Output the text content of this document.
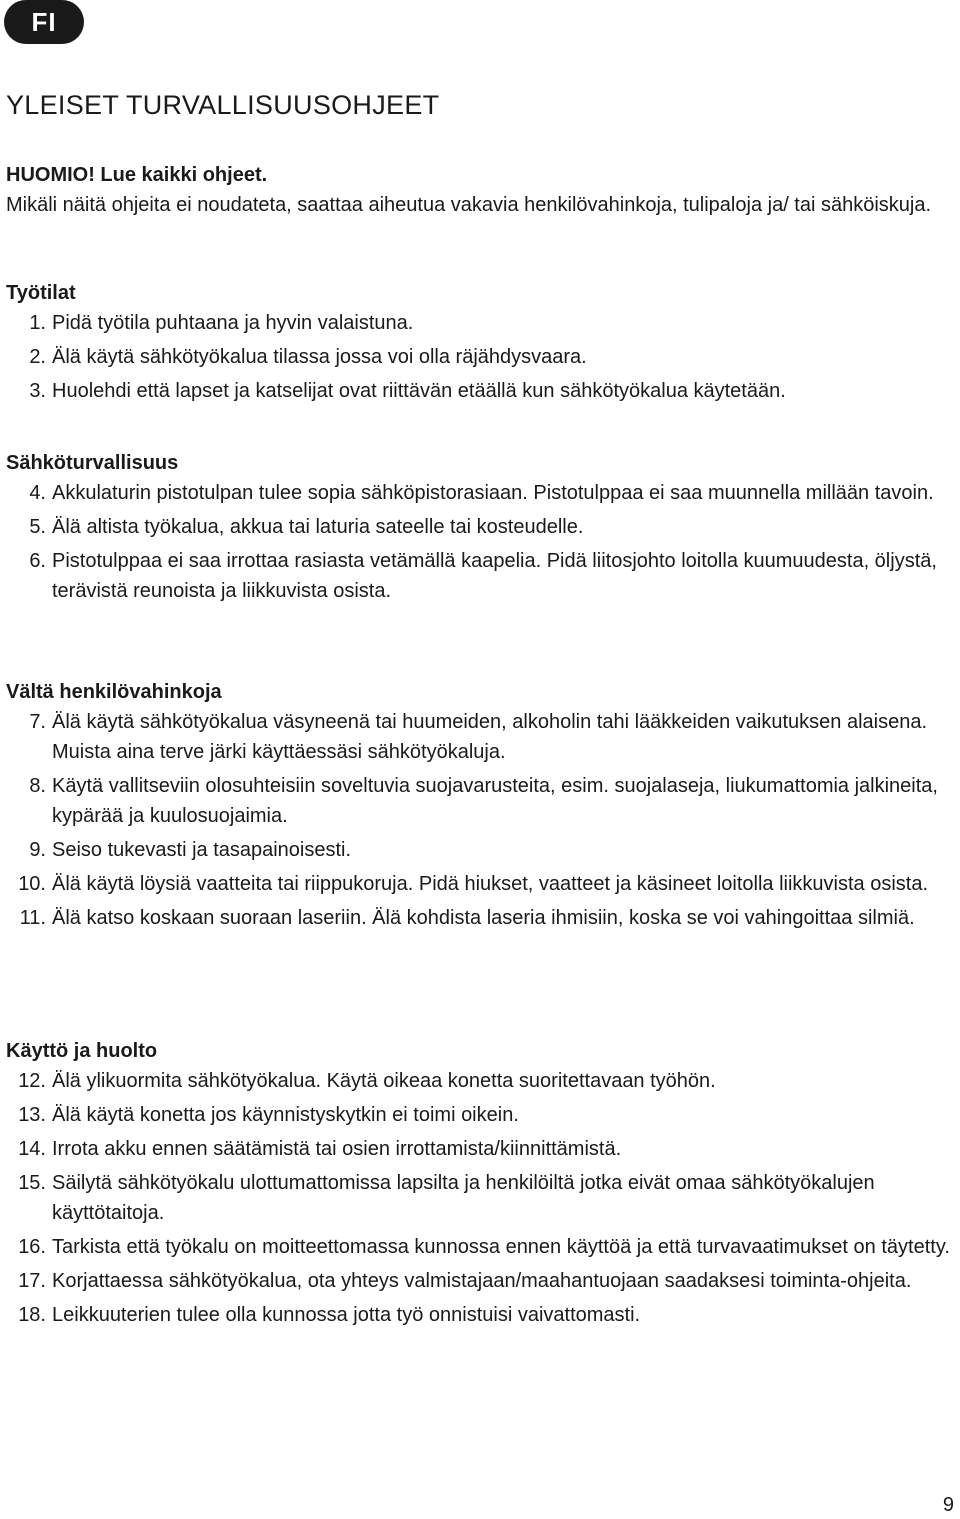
FI
YLEISET TURVALLISUUSOHJEET
HUOMIO! Lue kaikki ohjeet.
Mikäli näitä ohjeita ei noudateta, saattaa aiheutua vakavia henkilövahinkoja, tulipaloja ja/ tai sähköiskuja.
Työtilat
1. Pidä työtila puhtaana ja hyvin valaistuna.
2. Älä käytä sähkötyökalua tilassa jossa voi olla räjähdysvaara.
3. Huolehdi että lapset ja katselijat ovat riittävän etäällä kun sähkötyökalua käytetään.
Sähköturvallisuus
4. Akkulaturin pistotulpan tulee sopia sähköpistorasiaan. Pistotulppaa ei saa muunnella millään tavoin.
5. Älä altista työkalua, akkua tai laturia sateelle tai kosteudelle.
6. Pistotulppaa ei saa irrottaa rasiasta vetämällä kaapelia. Pidä liitosjohto loitolla kuumuudesta, öljystä, terävistä reunoista ja liikkuvista osista.
Vältä henkilövahinkoja
7. Älä käytä sähkötyökalua väsyneenä tai huumeiden, alkoholin tahi lääkkeiden vaikutuksen alaisena. Muista aina terve järki käyttäessäsi sähkötyökaluja.
8. Käytä vallitseviin olosuhteisiin soveltuvia suojavarusteita, esim. suojalaseja, liukumattomia jalkineita, kypärää ja kuulosuojaimia.
9. Seiso tukevasti ja tasapainoisesti.
10. Älä käytä löysiä vaatteita tai riippukoruja. Pidä hiukset, vaatteet ja käsineet loitolla liikkuvista osista.
11. Älä katso koskaan suoraan laseriin. Älä kohdista laseria ihmisiin, koska se voi vahingoittaa silmiä.
Käyttö ja huolto
12. Älä ylikuormita sähkötyökalua. Käytä oikeaa konetta suoritettavaan työhön.
13. Älä käytä konetta jos käynnistyskytkin ei toimi oikein.
14. Irrota akku ennen säätämistä tai osien irrottamista/kiinnittämistä.
15. Säilytä sähkötyökalu ulottumattomissa lapsilta ja henkilöiltä jotka eivät omaa sähkötyökalujen käyttötaitoja.
16. Tarkista että työkalu on moitteettomassa kunnossa ennen käyttöä ja että turvavaatimukset on täytetty.
17. Korjattaessa sähkötyökalua, ota yhteys valmistajaan/maahantuojaan saadaksesi toiminta-ohjeita.
18. Leikkuuterien tulee olla kunnossa jotta työ onnistuisi vaivattomasti.
9
